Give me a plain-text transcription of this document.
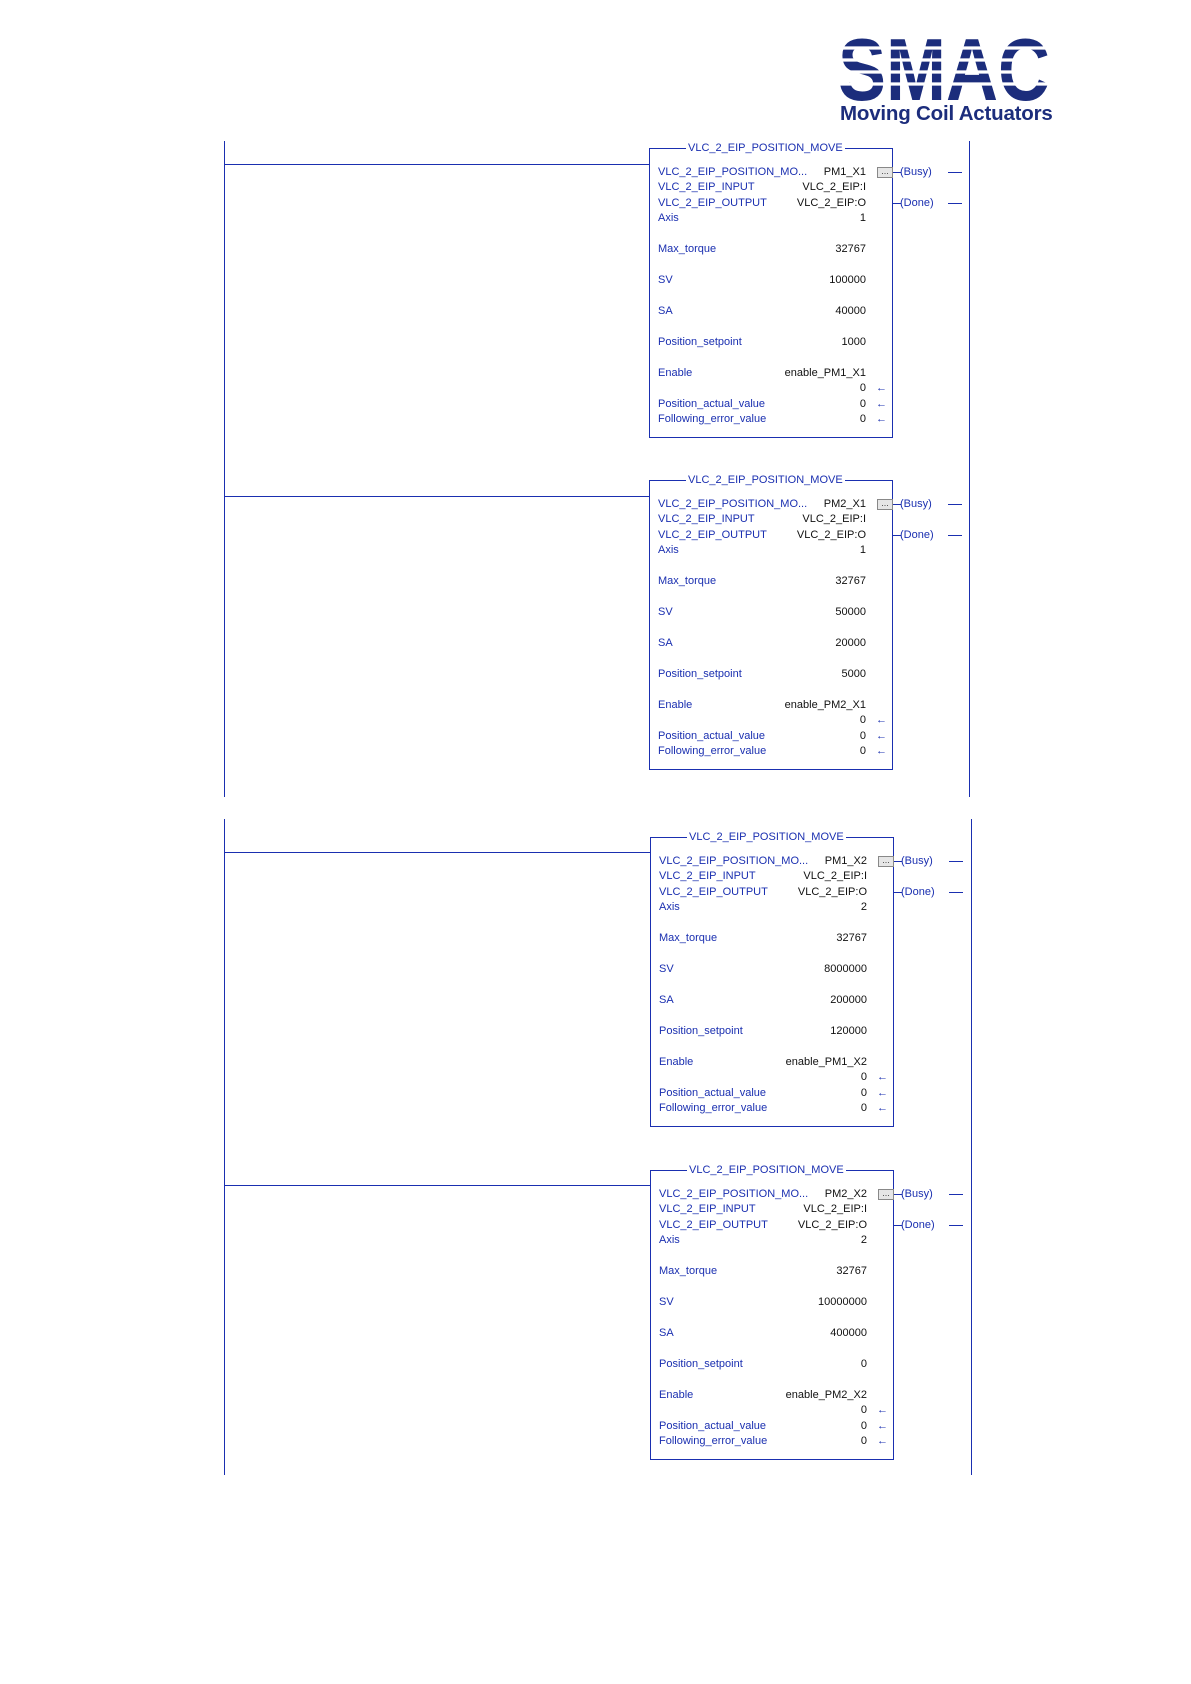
SMAC
Moving Coil Actuators
VLC_2_EIP_POSITION_MOVE
VLC_2_EIP_POSITION_MO... PM1_X1	...
VLC_2_EIP_INPUT	VLC_2_EIP:I
VLC_2_EIP_OUTPUT	VLC_2_EIP:O
Axis	1
Max_torque	32767
SV	100000
SA	40000
Position_setpoint	1000
Enable	enable_PM1_X1
0 ←
Position_actual_value	0 ←
Following_error_value	0 ←
(Busy)
(Done)
VLC_2_EIP_POSITION_MOVE
VLC_2_EIP_POSITION_MO... PM2_X1	...
VLC_2_EIP_INPUT	VLC_2_EIP:I
VLC_2_EIP_OUTPUT	VLC_2_EIP:O
Axis	1
Max_torque	32767
SV	50000
SA	20000
Position_setpoint	5000
Enable	enable_PM2_X1
0 ←
Position_actual_value	0 ←
Following_error_value	0 ←
(Busy)
(Done)
VLC_2_EIP_POSITION_MOVE
VLC_2_EIP_POSITION_MO... PM1_X2	...
VLC_2_EIP_INPUT	VLC_2_EIP:I
VLC_2_EIP_OUTPUT	VLC_2_EIP:O
Axis	2
Max_torque	32767
SV	8000000
SA	200000
Position_setpoint	120000
Enable	enable_PM1_X2
0 ←
Position_actual_value	0 ←
Following_error_value	0 ←
(Busy)
(Done)
VLC_2_EIP_POSITION_MOVE
VLC_2_EIP_POSITION_MO... PM2_X2	...
VLC_2_EIP_INPUT	VLC_2_EIP:I
VLC_2_EIP_OUTPUT	VLC_2_EIP:O
Axis	2
Max_torque	32767
SV	10000000
SA	400000
Position_setpoint	0
Enable	enable_PM2_X2
0 ←
Position_actual_value	0 ←
Following_error_value	0 ←
(Busy)
(Done)
